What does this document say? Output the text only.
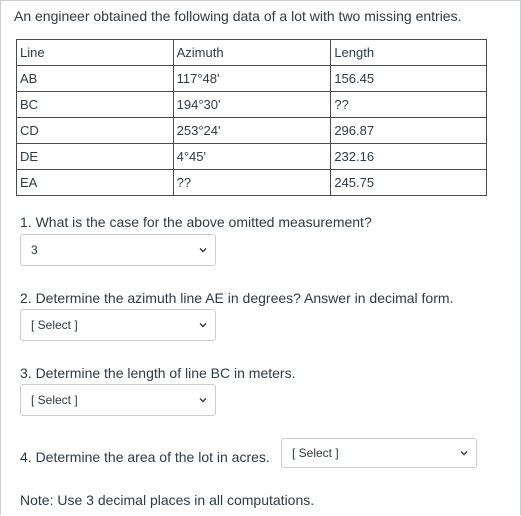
An engineer obtained the following data of a lot with two missing entries.
Line	Azimuth	Length
AB	117°48'	156.45
BC	194°30'	??
CD	253°24'	296.87
DE	4°45'	232.16
EA	??	245.75
1. What is the case for the above omitted measurement?
3
2. Determine the azimuth line AE in degrees? Answer in decimal form.
[ Select ]
3. Determine the length of line BC in meters.
[ Select ]
4. Determine the area of the lot in acres. [ Select ]
Note: Use 3 decimal places in all computations.
